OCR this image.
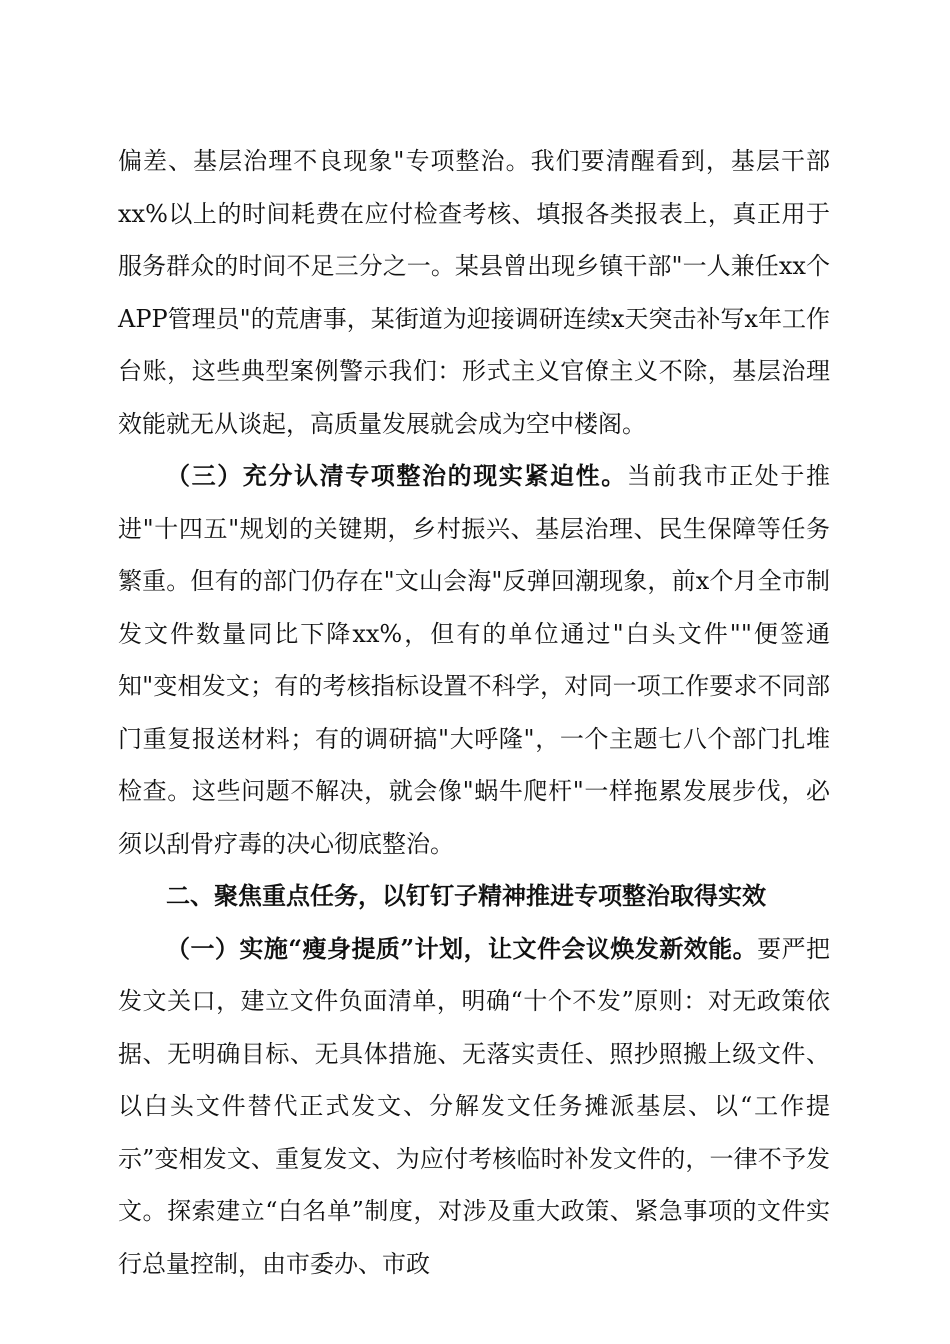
偏差、基层治理不良现象"专项整治。我们要清醒看到，基层干部xx%以上的时间耗费在应付检查考核、填报各类报表上，真正用于服务群众的时间不足三分之一。某县曾出现乡镇干部"一人兼任xx个APP管理员"的荒唐事，某街道为迎接调研连续x天突击补写x年工作台账，这些典型案例警示我们：形式主义官僚主义不除，基层治理效能就无从谈起，高质量发展就会成为空中楼阁。

（三）充分认清专项整治的现实紧迫性。当前我市正处于推进"十四五"规划的关键期，乡村振兴、基层治理、民生保障等任务繁重。但有的部门仍存在"文山会海"反弹回潮现象，前x个月全市制发文件数量同比下降xx%，但有的单位通过"白头文件""便签通知"变相发文；有的考核指标设置不科学，对同一项工作要求不同部门重复报送材料；有的调研搞"大呼隆"，一个主题七八个部门扎堆检查。这些问题不解决，就会像"蜗牛爬杆"一样拖累发展步伐，必须以刮骨疗毒的决心彻底整治。

二、聚焦重点任务，以钉钉子精神推进专项整治取得实效

（一）实施“瘦身提质”计划，让文件会议焕发新效能。要严把发文关口，建立文件负面清单，明确“十个不发”原则：对无政策依据、无明确目标、无具体措施、无落实责任、照抄照搬上级文件、以白头文件替代正式发文、分解发文任务摊派基层、以“工作提示”变相发文、重复发文、为应付考核临时补发文件的，一律不予发文。探索建立“白名单”制度，对涉及重大政策、紧急事项的文件实行总量控制，由市委办、市政
